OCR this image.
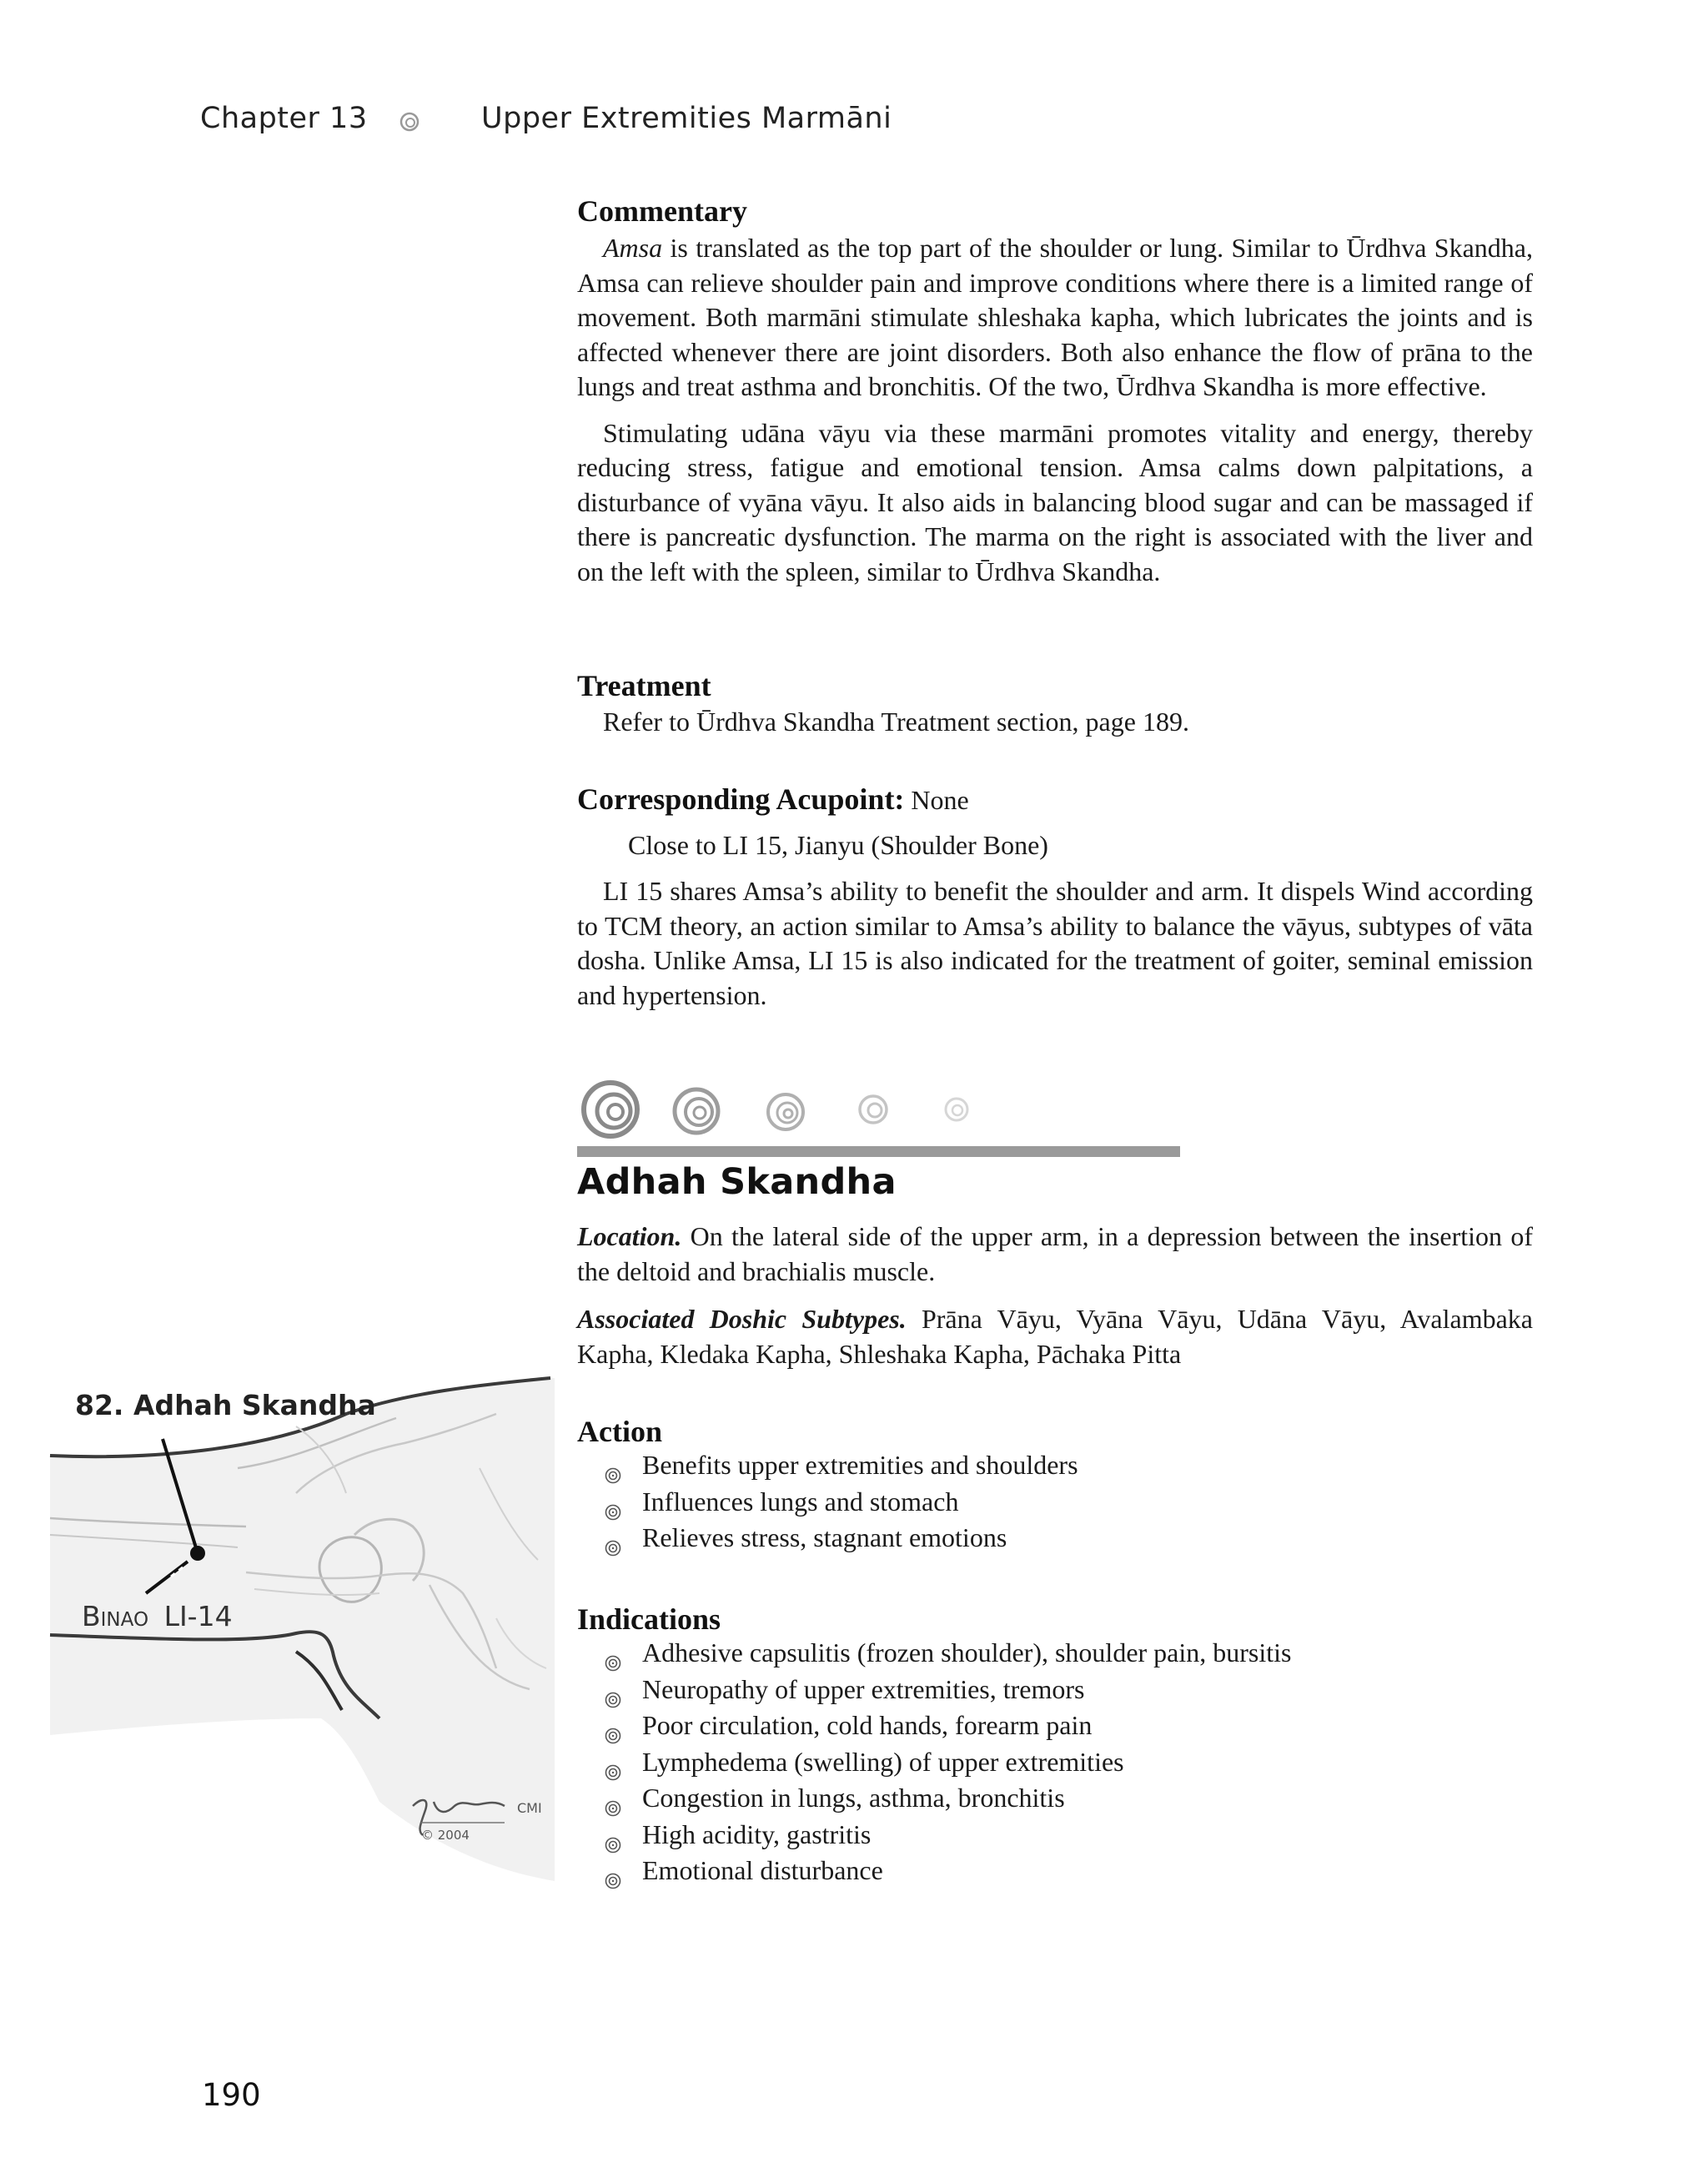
Chapter 13	Upper Extremities Marmāni
Commentary

Amsa is translated as the top part of the shoulder or lung. Similar to Ūrdhva Skandha, Amsa can relieve shoulder pain and improve conditions where there is a limited range of movement. Both marmāni stimulate shleshaka kapha, which lubricates the joints and is affected whenever there are joint disorders. Both also enhance the flow of prāna to the lungs and treat asthma and bronchitis. Of the two, Ūrdhva Skandha is more effective.

Stimulating udāna vāyu via these marmāni promotes vitality and energy, thereby reducing stress, fatigue and emotional tension. Amsa calms down palpitations, a disturbance of vyāna vāyu. It also aids in balancing blood sugar and can be massaged if there is pancreatic dysfunction. The marma on the right is associated with the liver and on the left with the spleen, similar to Ūrdhva Skandha.

Treatment

Refer to Ūrdhva Skandha Treatment section, page 189.

Corresponding Acupoint: None

Close to LI 15, Jianyu (Shoulder Bone)

LI 15 shares Amsa’s ability to benefit the shoulder and arm. It dispels Wind according to TCM theory, an action similar to Amsa’s ability to balance the vāyus, subtypes of vāta dosha. Unlike Amsa, LI 15 is also indicated for the treatment of goiter, seminal emission and hypertension.

Adhah Skandha

Location. On the lateral side of the upper arm, in a depression between the insertion of the deltoid and brachialis muscle.

Associated Doshic Subtypes. Prāna Vāyu, Vyāna Vāyu, Udāna Vāyu, Avalambaka Kapha, Kledaka Kapha, Shleshaka Kapha, Pāchaka Pitta

Action
Benefits upper extremities and shoulders
Influences lungs and stomach
Relieves stress, stagnant emotions
Indications
Adhesive capsulitis (frozen shoulder), shoulder pain, bursitis
Neuropathy of upper extremities, tremors
Poor circulation, cold hands, forearm pain
Lymphedema (swelling) of upper extremities
Congestion in lungs, asthma, bronchitis
High acidity, gastritis
Emotional disturbance
82. Adhah Skandha
Binao LI-14
CMI
© 2004
190
